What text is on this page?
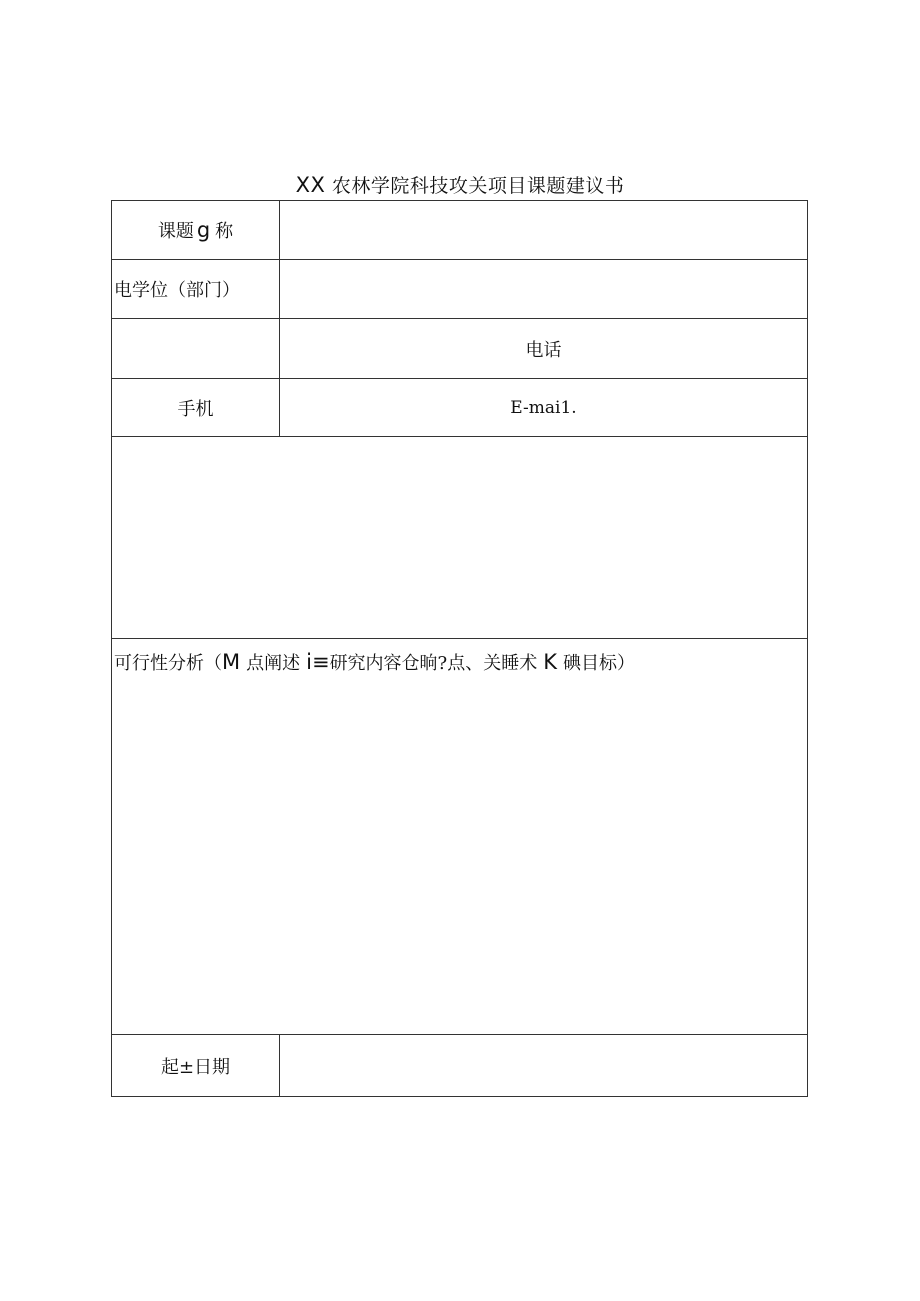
XX 农林学院科技攻关项目课题建议书
课题 g 称	
电学位（部门）	
	电话
手机	E-mai1.

可行性分析（M 点阐述 i≡研究内容仓晌?点、关睡术 K 碘目标）	

起±日期	
